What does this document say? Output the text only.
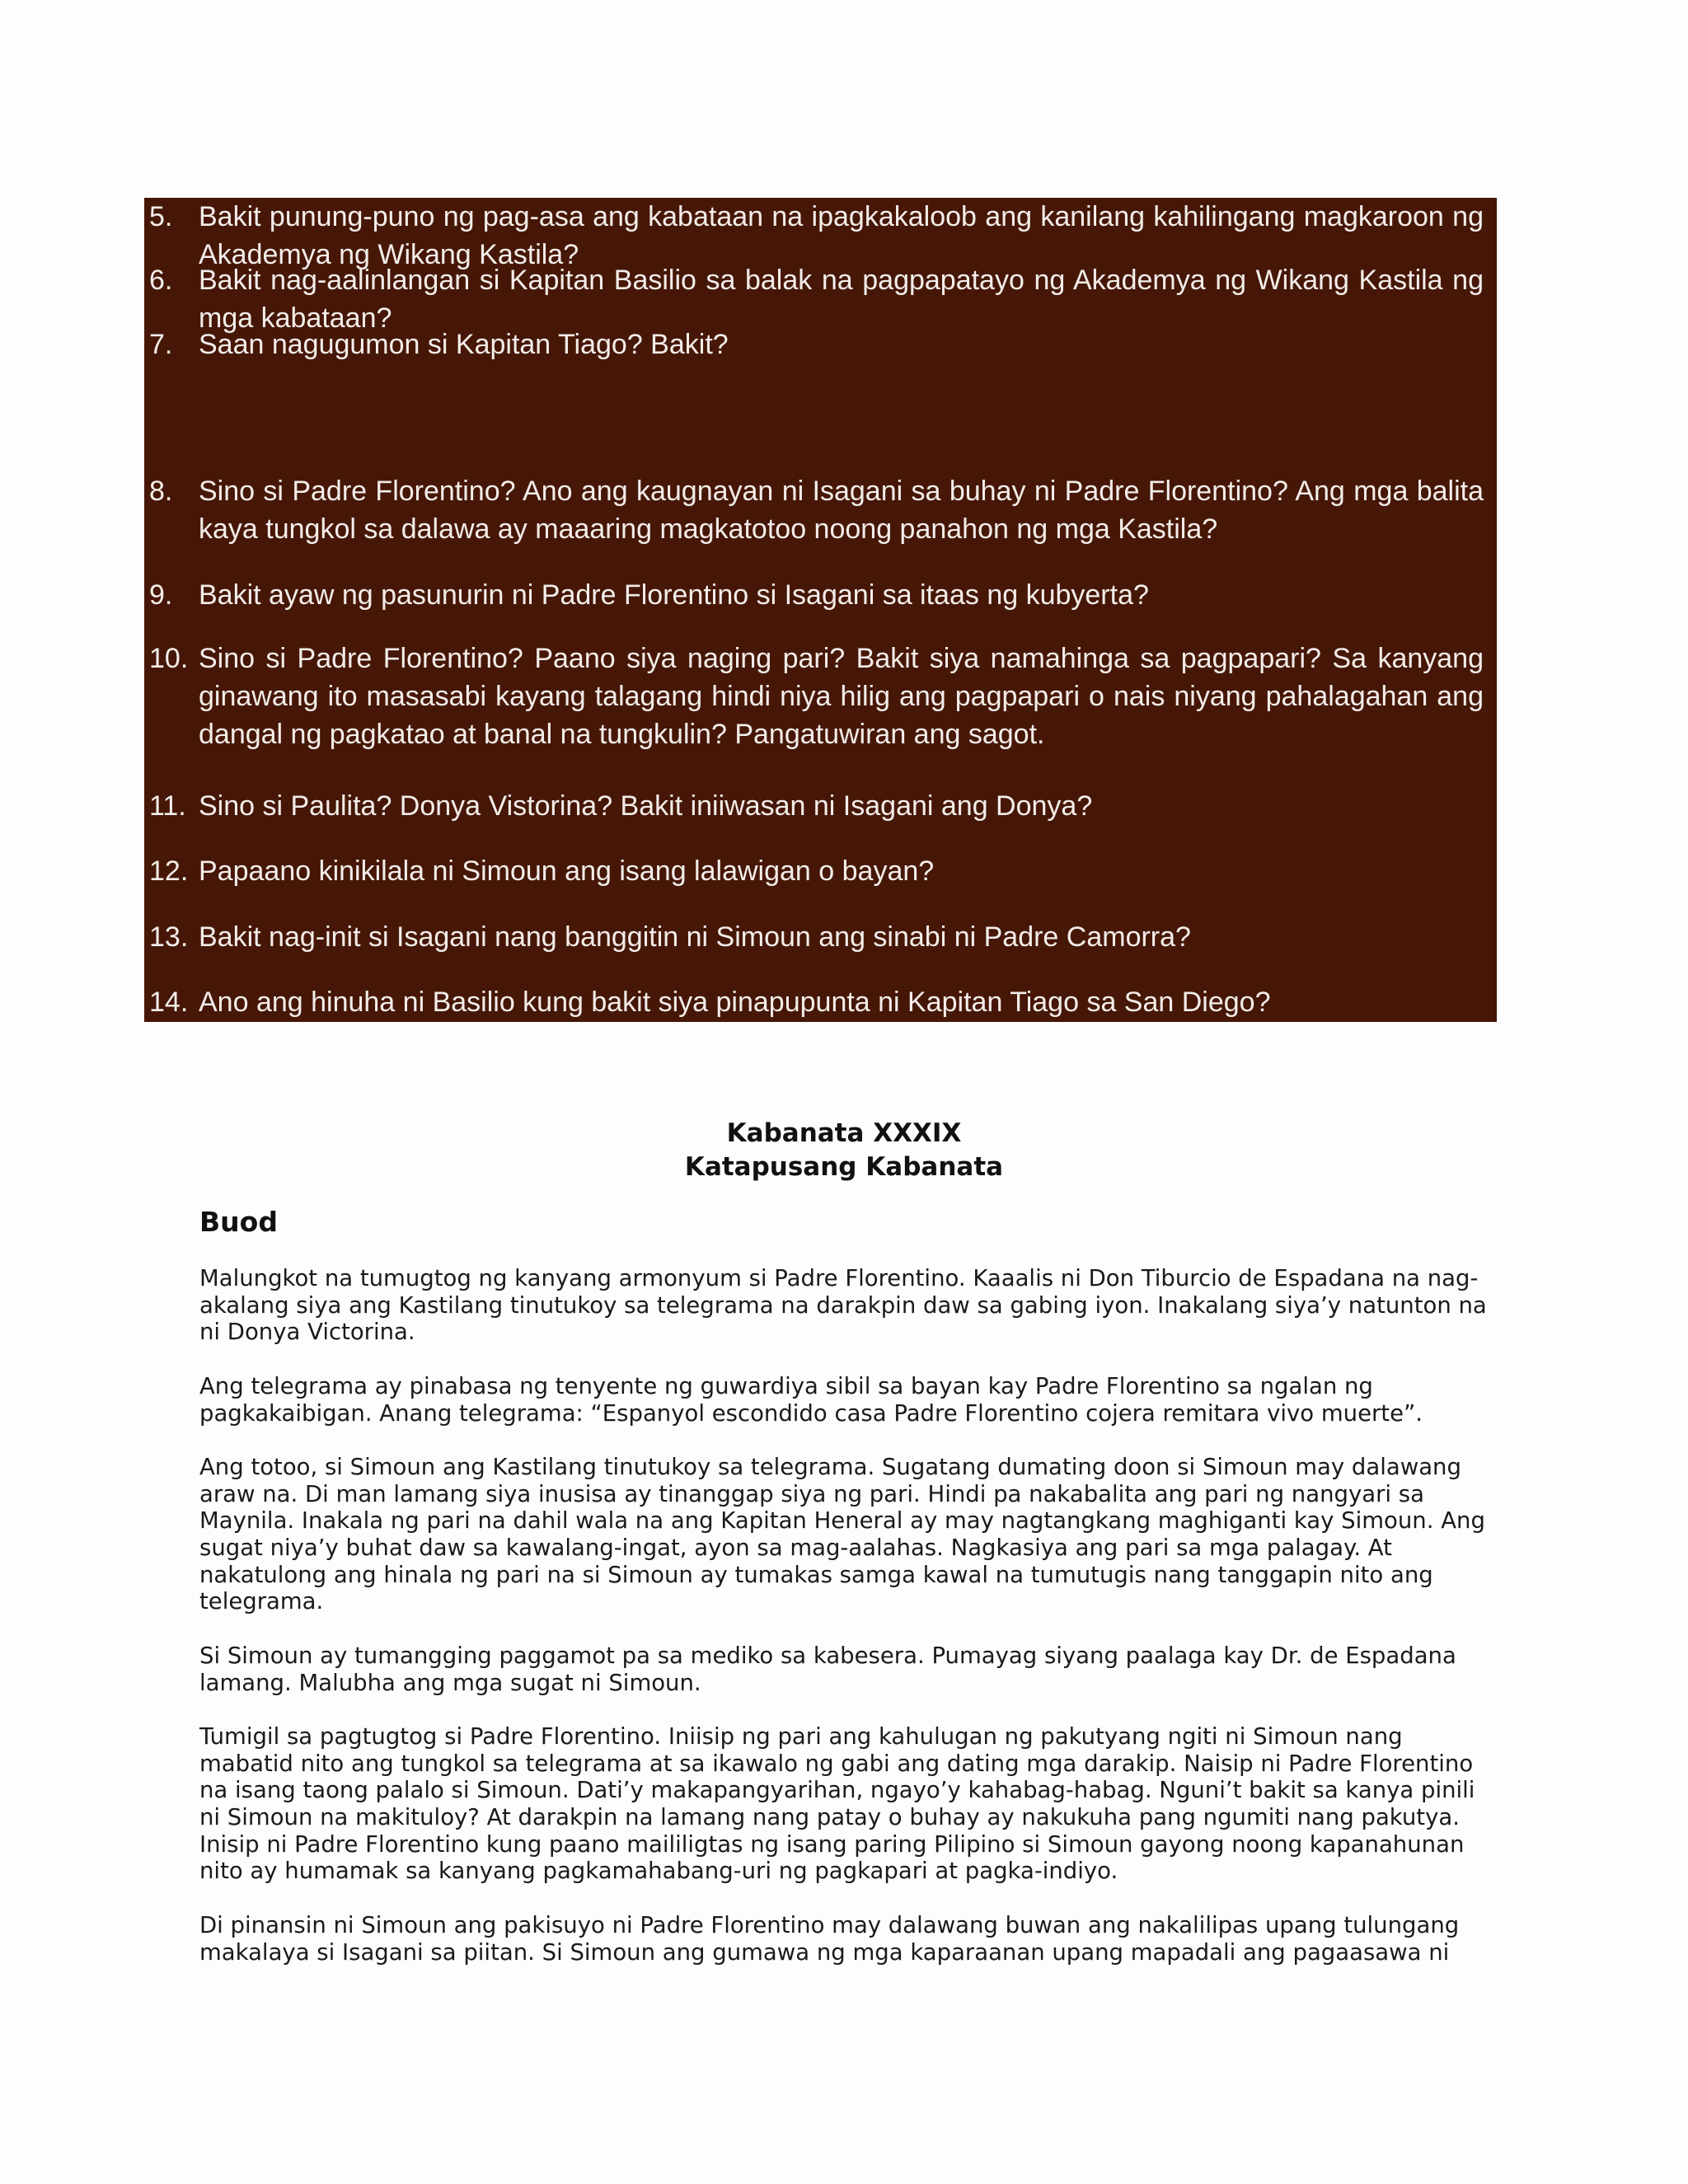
5. Bakit punung-puno ng pag-asa ang kabataan na ipagkakaloob ang kanilang kahilingang magkaroon ng Akademya ng Wikang Kastila?
6. Bakit nag-aalinlangan si Kapitan Basilio sa balak na pagpapatayo ng Akademya ng Wikang Kastila ng mga kabataan?
7. Saan nagugumon si Kapitan Tiago? Bakit?
8. Sino si Padre Florentino? Ano ang kaugnayan ni Isagani sa buhay ni Padre Florentino? Ang mga balita kaya tungkol sa dalawa ay maaaring magkatotoo noong panahon ng mga Kastila?
9. Bakit ayaw ng pasunurin ni Padre Florentino si Isagani sa itaas ng kubyerta?
10. Sino si Padre Florentino? Paano siya naging pari? Bakit siya namahinga sa pagpapari? Sa kanyang ginawang ito masasabi kayang talagang hindi niya hilig ang pagpapari o nais niyang pahalagahan ang dangal ng pagkatao at banal na tungkulin? Pangatuwiran ang sagot.
11. Sino si Paulita? Donya Vistorina? Bakit iniiwasan ni Isagani ang Donya?
12. Papaano kinikilala ni Simoun ang isang lalawigan o bayan?
13. Bakit nag-init si Isagani nang banggitin ni Simoun ang sinabi ni Padre Camorra?
14. Ano ang hinuha ni Basilio kung bakit siya pinapupunta ni Kapitan Tiago sa San Diego?
Kabanata XXXIX
Katapusang Kabanata
Buod

Malungkot na tumugtog ng kanyang armonyum si Padre Florentino. Kaaalis ni Don Tiburcio de Espadana na nag-akalang siya ang Kastilang tinutukoy sa telegrama na darakpin daw sa gabing iyon. Inakalang siya’y natunton na ni Donya Victorina.

Ang telegrama ay pinabasa ng tenyente ng guwardiya sibil sa bayan kay Padre Florentino sa ngalan ng pagkakaibigan. Anang telegrama: “Espanyol escondido casa Padre Florentino cojera remitara vivo muerte”.

Ang totoo, si Simoun ang Kastilang tinutukoy sa telegrama. Sugatang dumating doon si Simoun may dalawang araw na. Di man lamang siya inusisa ay tinanggap siya ng pari. Hindi pa nakabalita ang pari ng nangyari sa Maynila. Inakala ng pari na dahil wala na ang Kapitan Heneral ay may nagtangkang maghiganti kay Simoun. Ang sugat niya’y buhat daw sa kawalang-ingat, ayon sa mag-aalahas. Nagkasiya ang pari sa mga palagay. At nakatulong ang hinala ng pari na si Simoun ay tumakas samga kawal na tumutugis nang tanggapin nito ang telegrama.

Si Simoun ay tumangging paggamot pa sa mediko sa kabesera. Pumayag siyang paalaga kay Dr. de Espadana lamang. Malubha ang mga sugat ni Simoun.

Tumigil sa pagtugtog si Padre Florentino. Iniisip ng pari ang kahulugan ng pakutyang ngiti ni Simoun nang mabatid nito ang tungkol sa telegrama at sa ikawalo ng gabi ang dating mga darakip. Naisip ni Padre Florentino na isang taong palalo si Simoun. Dati’y makapangyarihan, ngayo’y kahabag-habag. Nguni’t bakit sa kanya pinili ni Simoun na makituloy? At darakpin na lamang nang patay o buhay ay nakukuha pang ngumiti nang pakutya. Inisip ni Padre Florentino kung paano maililigtas ng isang paring Pilipino si Simoun gayong noong kapanahunan nito ay humamak sa kanyang pagkamahabang-uri ng pagkapari at pagka-indiyo.

Di pinansin ni Simoun ang pakisuyo ni Padre Florentino may dalawang buwan ang nakalilipas upang tulungang makalaya si Isagani sa piitan. Si Simoun ang gumawa ng mga kaparaanan upang mapadali ang pagaasawa ni
